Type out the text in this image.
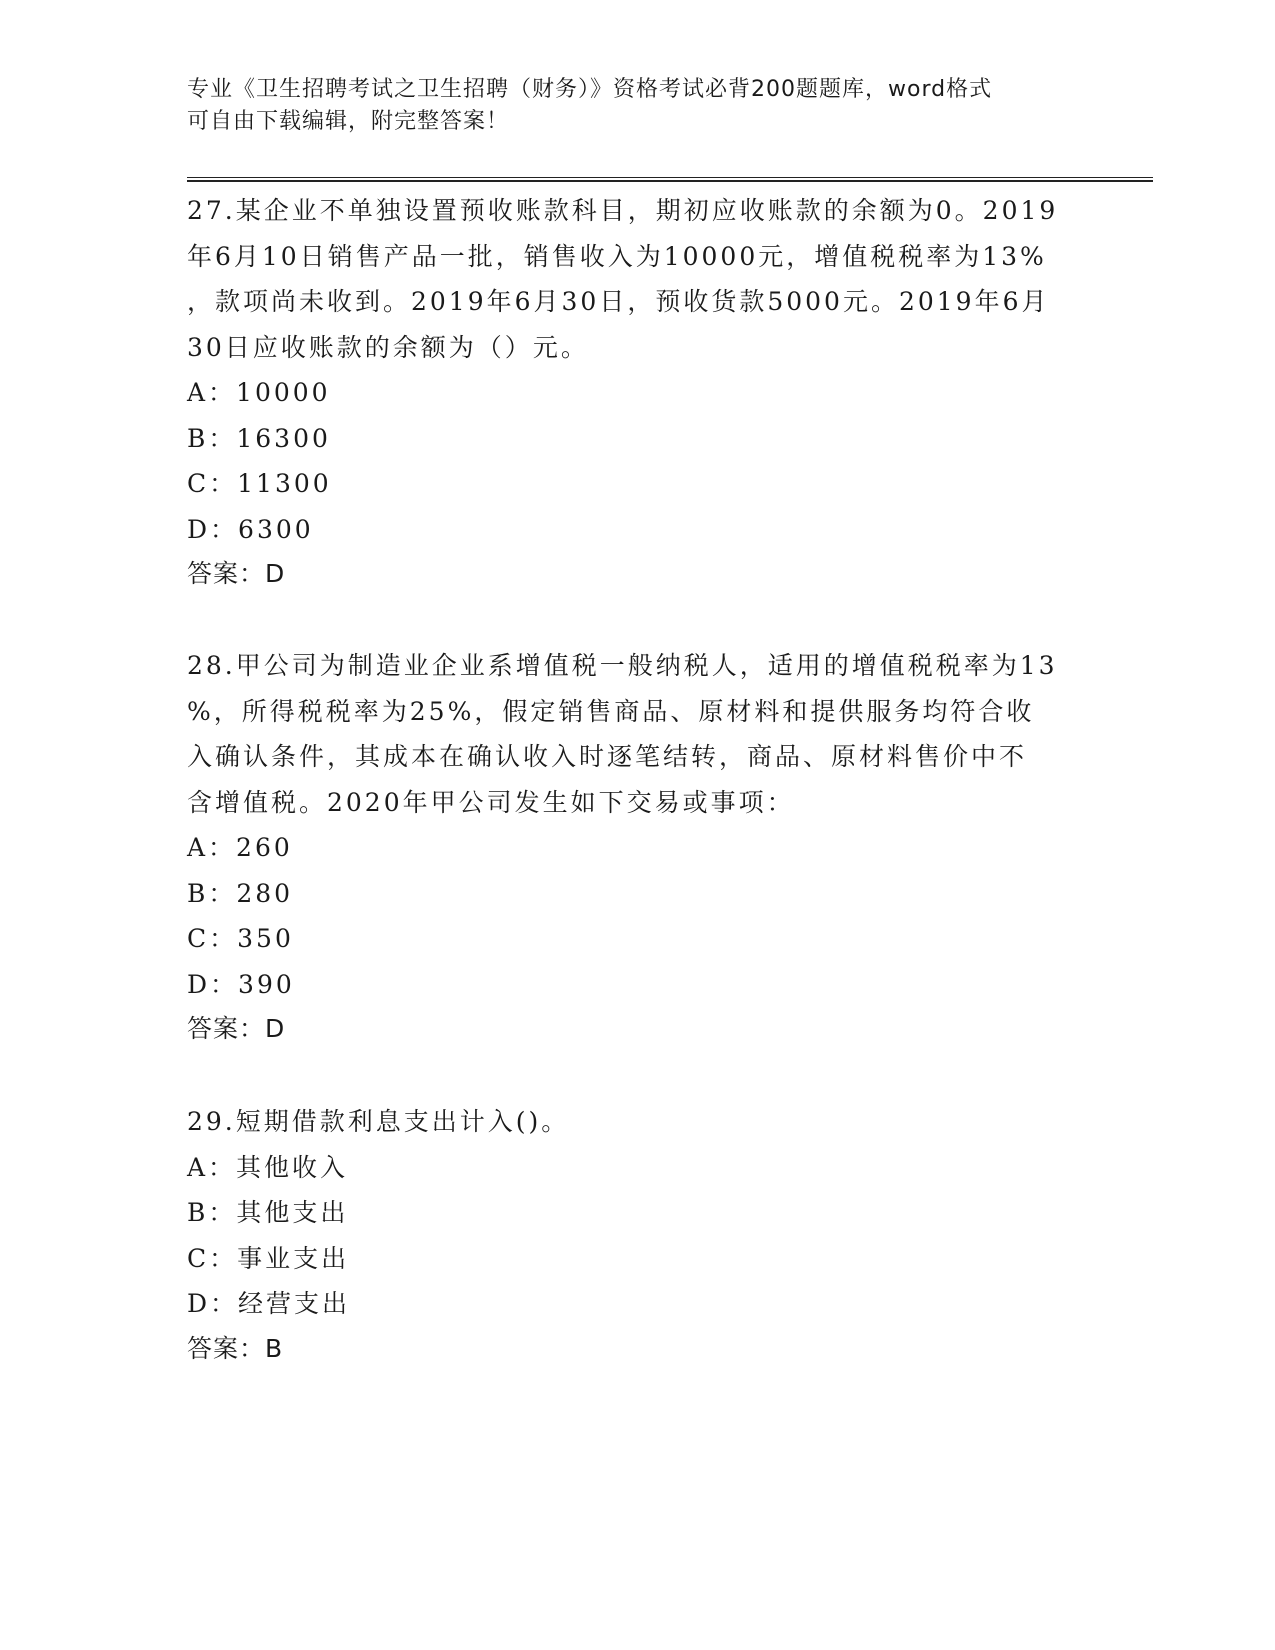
专业《卫生招聘考试之卫生招聘（财务）》资格考试必背200题题库，word格式
可自由下载编辑，附完整答案！
27.某企业不单独设置预收账款科目，期初应收账款的余额为0。2019
年6月10日销售产品一批，销售收入为10000元，增值税税率为13%
，款项尚未收到。2019年6月30日，预收货款5000元。2019年6月
30日应收账款的余额为（）元。
A：10000
B：16300
C：11300
D：6300
答案：D
28.甲公司为制造业企业系增值税一般纳税人，适用的增值税税率为13
%，所得税税率为25%，假定销售商品、原材料和提供服务均符合收
入确认条件，其成本在确认收入时逐笔结转，商品、原材料售价中不
含增值税。2020年甲公司发生如下交易或事项：
A：260
B：280
C：350
D：390
答案：D
29.短期借款利息支出计入()。
A：其他收入
B：其他支出
C：事业支出
D：经营支出
答案：B
